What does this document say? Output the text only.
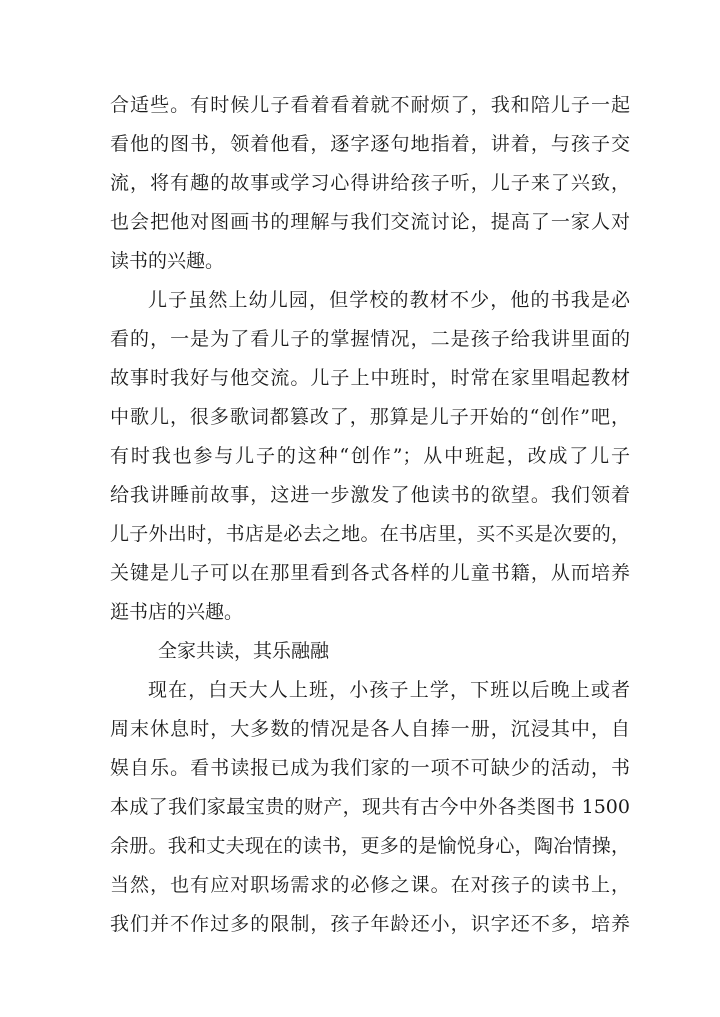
合适些。有时候儿子看着看着就不耐烦了，我和陪儿子一起
看他的图书，领着他看，逐字逐句地指着，讲着，与孩子交
流，将有趣的故事或学习心得讲给孩子听，儿子来了兴致，
也会把他对图画书的理解与我们交流讨论，提高了一家人对
读书的兴趣。
儿子虽然上幼儿园，但学校的教材不少，他的书我是必
看的，一是为了看儿子的掌握情况，二是孩子给我讲里面的
故事时我好与他交流。儿子上中班时，时常在家里唱起教材
中歌儿，很多歌词都篡改了，那算是儿子开始的“创作”吧，
有时我也参与儿子的这种“创作”；从中班起，改成了儿子
给我讲睡前故事，这进一步激发了他读书的欲望。我们领着
儿子外出时，书店是必去之地。在书店里，买不买是次要的，
关键是儿子可以在那里看到各式各样的儿童书籍，从而培养
逛书店的兴趣。
全家共读，其乐融融
现在，白天大人上班，小孩子上学，下班以后晚上或者
周末休息时，大多数的情况是各人自捧一册，沉浸其中，自
娱自乐。看书读报已成为我们家的一项不可缺少的活动，书
本成了我们家最宝贵的财产，现共有古今中外各类图书 1500
余册。我和丈夫现在的读书，更多的是愉悦身心，陶冶情操，
当然，也有应对职场需求的必修之课。在对孩子的读书上，
我们并不作过多的限制，孩子年龄还小，识字还不多，培养
